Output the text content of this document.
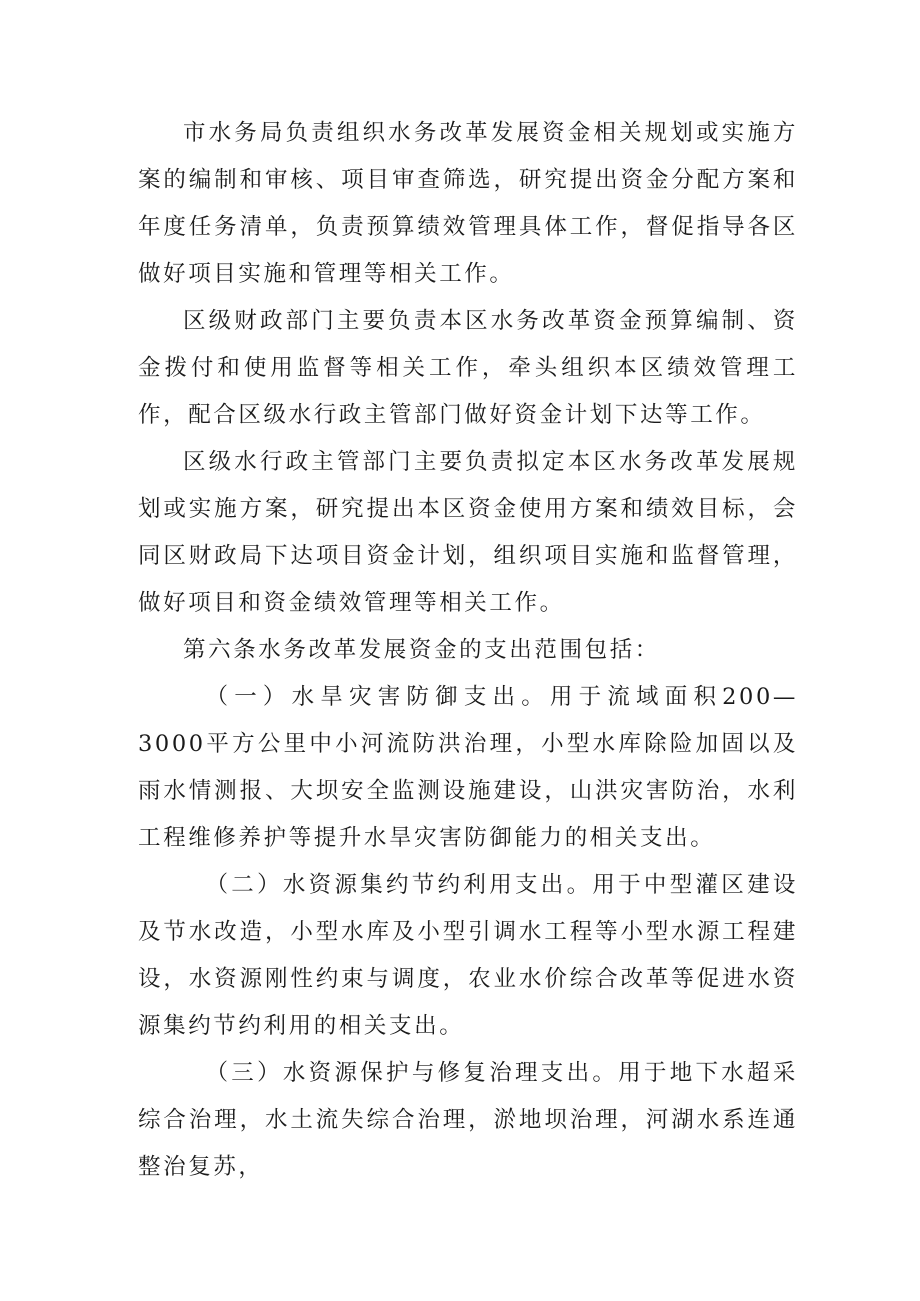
市水务局负责组织水务改革发展资金相关规划或实施方案的编制和审核、项目审查筛选，研究提出资金分配方案和年度任务清单，负责预算绩效管理具体工作，督促指导各区做好项目实施和管理等相关工作。

区级财政部门主要负责本区水务改革资金预算编制、资金拨付和使用监督等相关工作，牵头组织本区绩效管理工作，配合区级水行政主管部门做好资金计划下达等工作。

区级水行政主管部门主要负责拟定本区水务改革发展规划或实施方案，研究提出本区资金使用方案和绩效目标，会同区财政局下达项目资金计划，组织项目实施和监督管理，做好项目和资金绩效管理等相关工作。

第六条水务改革发展资金的支出范围包括：

（一）水旱灾害防御支出。用于流域面积200—3000平方公里中小河流防洪治理，小型水库除险加固以及雨水情测报、大坝安全监测设施建设，山洪灾害防治，水利工程维修养护等提升水旱灾害防御能力的相关支出。

（二）水资源集约节约利用支出。用于中型灌区建设及节水改造，小型水库及小型引调水工程等小型水源工程建设，水资源刚性约束与调度，农业水价综合改革等促进水资源集约节约利用的相关支出。

（三）水资源保护与修复治理支出。用于地下水超采综合治理，水土流失综合治理，淤地坝治理，河湖水系连通整治复苏，
